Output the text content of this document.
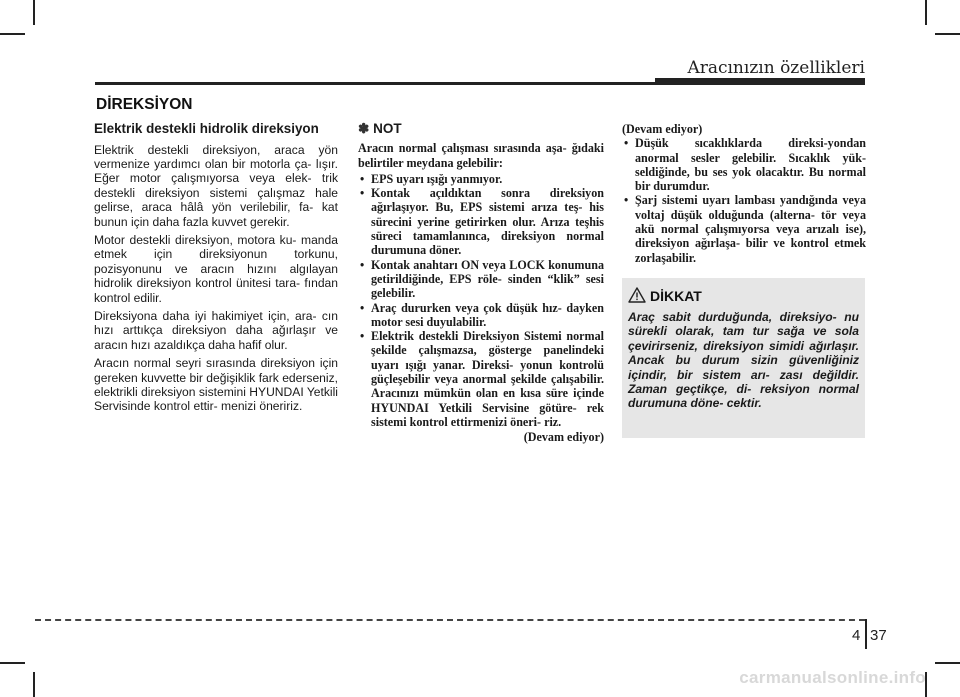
Aracınızın özellikleri
DİREKSİYON
Elektrik destekli hidrolik direksiyon

Elektrik destekli direksiyon, araca yön vermenize yardımcı olan bir motorla ça- lışır. Eğer motor çalışmıyorsa veya elek- trik destekli direksiyon sistemi çalışmaz hale gelirse, araca hâlâ yön verilebilir, fa- kat bunun için daha fazla kuvvet gerekir.

Motor destekli direksiyon, motora ku- manda etmek için direksiyonun torkunu, pozisyonunu ve aracın hızını algılayan hidrolik direksiyon kontrol ünitesi tara- fından kontrol edilir.

Direksiyona daha iyi hakimiyet için, ara- cın hızı arttıkça direksiyon daha ağırlaşır ve aracın hızı azaldıkça daha hafif olur.

Aracın normal seyri sırasında direksiyon için gereken kuvvette bir değişiklik fark ederseniz, elektrikli direksiyon sistemini HYUNDAI Yetkili Servisinde kontrol ettir- menizi öneririz.

✽ NOT

Aracın normal çalışması sırasında aşa- ğıdaki belirtiler meydana gelebilir:

• EPS uyarı ışığı yanmıyor.
• Kontak açıldıktan sonra direksiyon ağırlaşıyor. Bu, EPS sistemi arıza teş- his sürecini yerine getirirken olur. Arıza teşhis süreci tamamlanınca, direksiyon normal durumuna döner.
• Kontak anahtarı ON veya LOCK konumuna getirildiğinde, EPS röle- sinden “klik” sesi gelebilir.
• Araç dururken veya çok düşük hız- dayken motor sesi duyulabilir.
• Elektrik destekli Direksiyon Sistemi normal şekilde çalışmazsa, gösterge panelindeki uyarı ışığı yanar. Direksi- yonun kontrolü güçleşebilir veya anormal şekilde çalışabilir. Aracınızı mümkün olan en kısa süre içinde HYUNDAI Yetkili Servisine götüre- rek sistemi kontrol ettirmenizi öneri- riz.
(Devam ediyor)

(Devam ediyor)

• Düşük sıcaklıklarda direksi-yondan anormal sesler gelebilir. Sıcaklık yük- seldiğinde, bu ses yok olacaktır. Bu normal bir durumdur.
• Şarj sistemi uyarı lambası yandığında veya voltaj düşük olduğunda (alterna- tör veya akü normal çalışmıyorsa veya arızalı ise), direksiyon ağırlaşa- bilir ve kontrol etmek zorlaşabilir.
DİKKAT
Araç sabit durduğunda, direksiyo- nu sürekli olarak, tam tur sağa ve sola çevirirseniz, direksiyon simidi ağırlaşır. Ancak bu durum sizin güvenliğiniz içindir, bir sistem arı- zası değildir. Zaman geçtikçe, di- reksiyon normal durumuna döne- cektir.
4 37
carmanualsonline.info
